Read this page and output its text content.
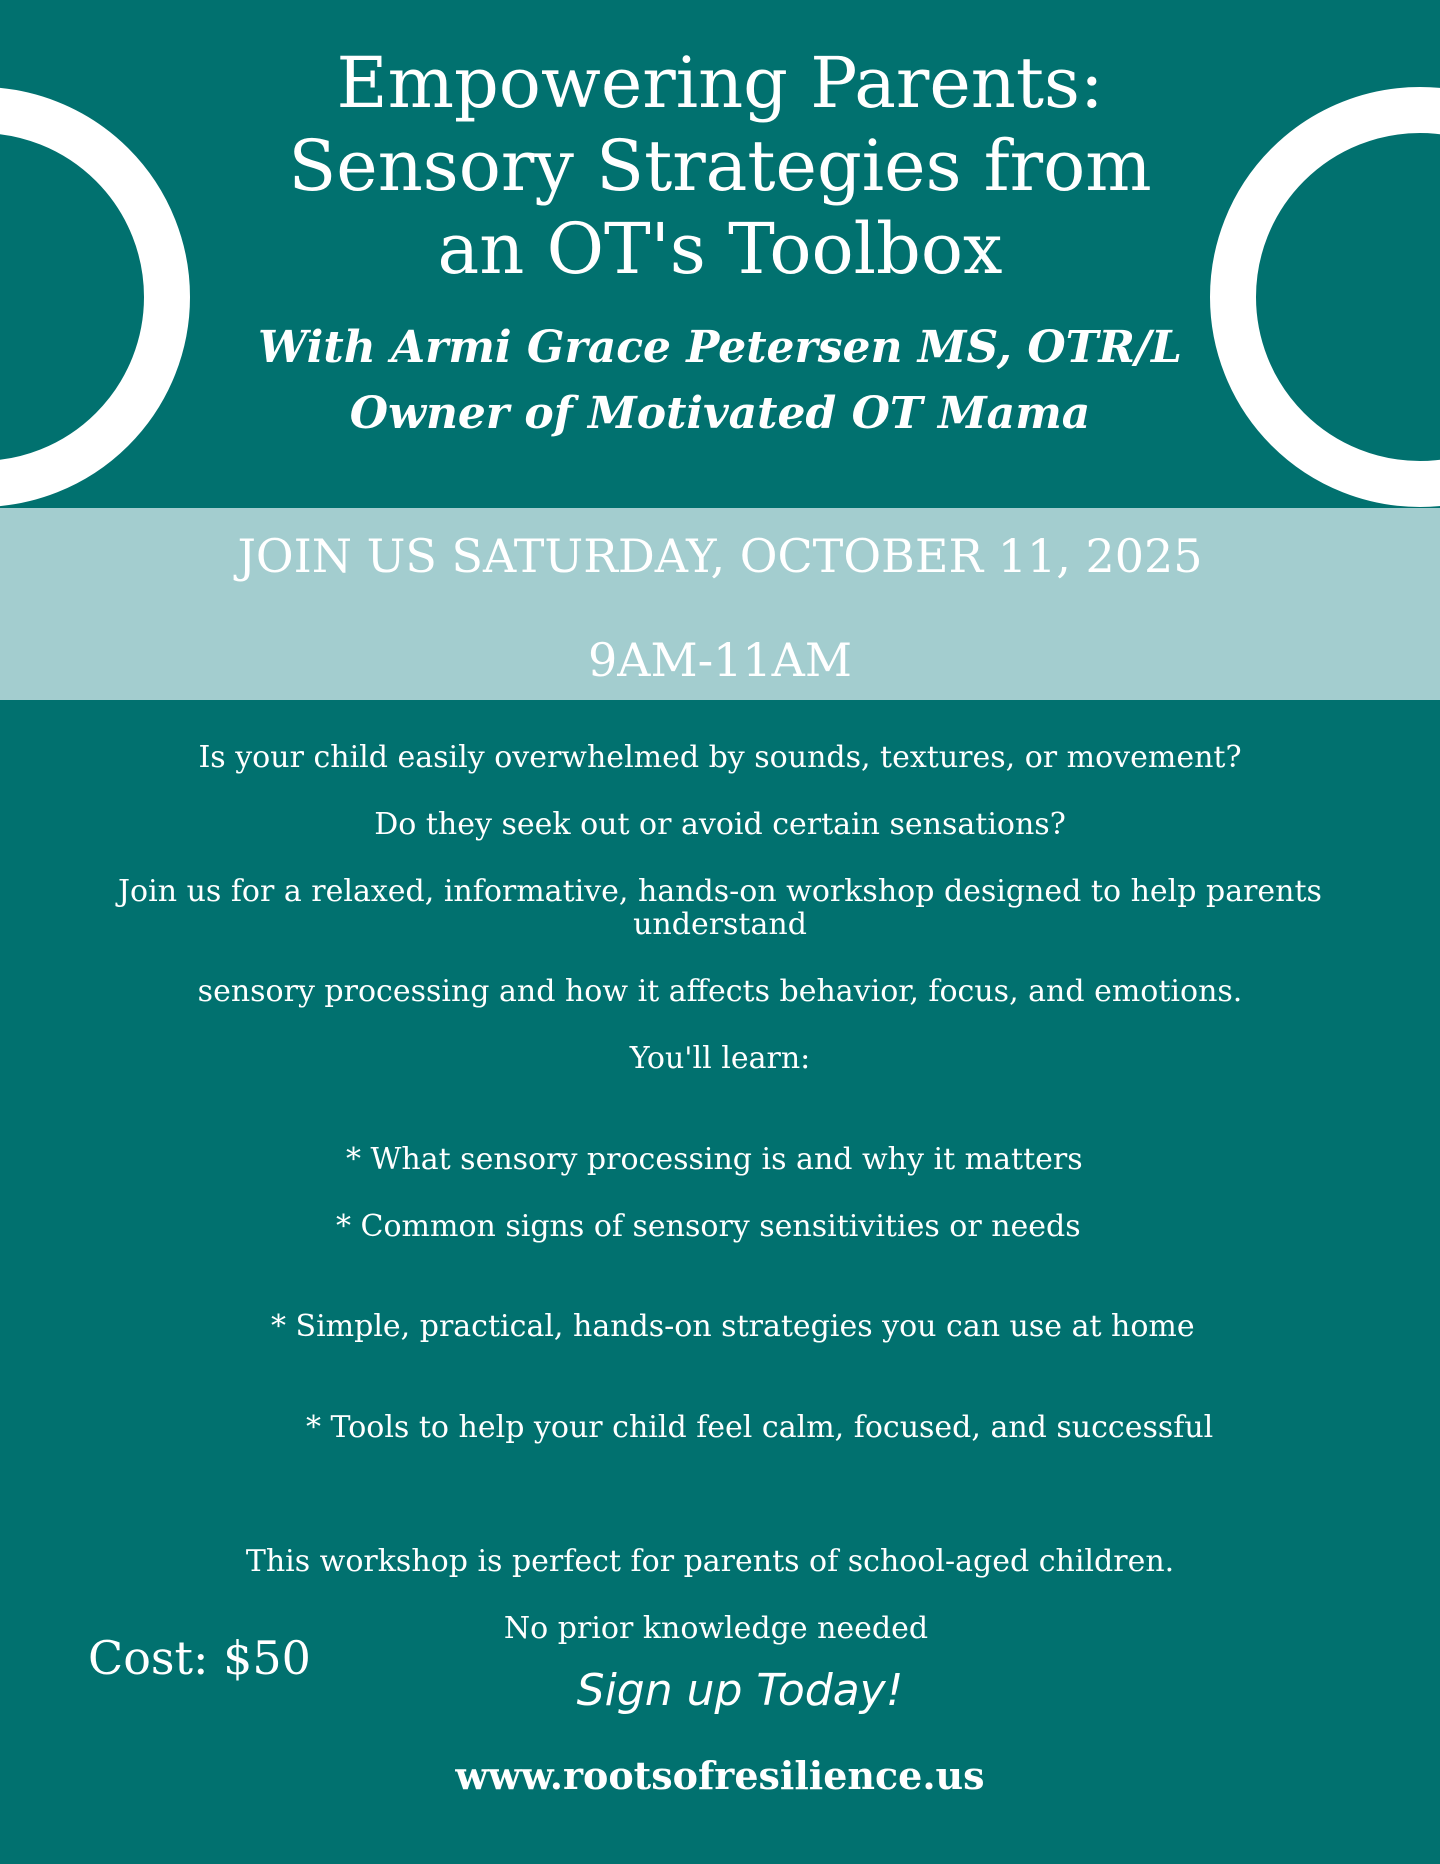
Empowering Parents:
Sensory Strategies from
an OT's Toolbox
With Armi Grace Petersen MS, OTR/L
Owner of Motivated OT Mama
JOIN US SATURDAY, OCTOBER 11, 2025
9AM-11AM
Is your child easily overwhelmed by sounds, textures, or movement?
Do they seek out or avoid certain sensations?
Join us for a relaxed, informative, hands-on workshop designed to help parents
understand
sensory processing and how it affects behavior, focus, and emotions.
You'll learn:
* What sensory processing is and why it matters
* Common signs of sensory sensitivities or needs
* Simple, practical, hands-on strategies you can use at home
* Tools to help your child feel calm, focused, and successful
This workshop is perfect for parents of school-aged children.
No prior knowledge needed
Cost: $50
Sign up Today!
www.rootsofresilience.us
